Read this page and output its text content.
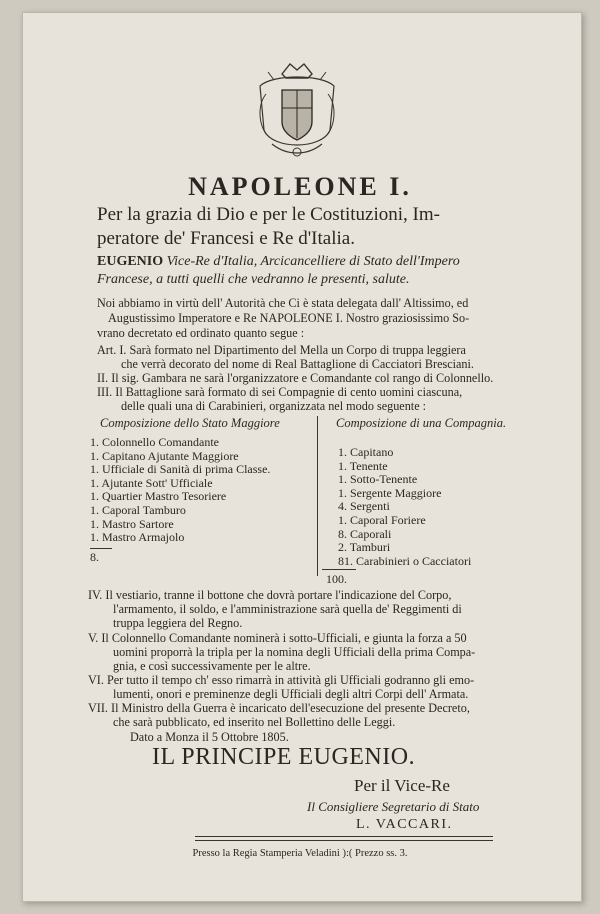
NAPOLEONE I.
Per la grazia di Dio e per le Costituzioni, Im-
peratore de' Francesi e Re d'Italia.
EUGENIO Vice-Re d'Italia, Arcicancelliere di Stato dell'Impero
Francese, a tutti quelli che vedranno le presenti, salute.
Noi abbiamo in virtù dell' Autorità che Ci è stata delegata dall' Altissimo, ed
Augustissimo Imperatore e Re NAPOLEONE I. Nostro graziosissimo So-
vrano decretato ed ordinato quanto segue :
Art. I. Sarà formato nel Dipartimento del Mella un Corpo di truppa leggiera
che verrà decorato del nome di Real Battaglione di Cacciatori Bresciani.
II. Il sig. Gambara ne sarà l'organizzatore e Comandante col rango di Colonnello.
III. Il Battaglione sarà formato di sei Compagnie di cento uomini ciascuna,
delle quali una di Carabinieri, organizzata nel modo seguente :
Composizione dello Stato Maggiore	Composizione di una Compagnia.
1. Colonnello Comandante
1. Capitano Ajutante Maggiore
1. Ufficiale di Sanità di prima Classe.
1. Ajutante Sott' Ufficiale
1. Quartier Mastro Tesoriere
1. Caporal Tamburo
1. Mastro Sartore
1. Mastro Armajolo
8.
1. Capitano
1. Tenente
1. Sotto-Tenente
1. Sergente Maggiore
4. Sergenti
1. Caporal Foriere
8. Caporali
2. Tamburi
81. Carabinieri o Cacciatori
100.
IV. Il vestiario, tranne il bottone che dovrà portare l'indicazione del Corpo,
l'armamento, il soldo, e l'amministrazione sarà quella de' Reggimenti di
truppa leggiera del Regno.
V. Il Colonnello Comandante nominerà i sotto-Ufficiali, e giunta la forza a 50
uomini proporrà la tripla per la nomina degli Ufficiali della prima Compa-
gnia, e così successivamente per le altre.
VI. Per tutto il tempo ch' esso rimarrà in attività gli Ufficiali godranno gli emo-
lumenti, onori e preminenze degli Ufficiali degli altri Corpi dell' Armata.
VII. Il Ministro della Guerra è incaricato dell'esecuzione del presente Decreto,
che sarà pubblicato, ed inserito nel Bollettino delle Leggi.
Dato a Monza il 5 Ottobre 1805.
IL PRINCIPE EUGENIO.
Per il Vice-Re
Il Consigliere Segretario di Stato
L. VACCARI.
Presso la Regia Stamperia Veladini ):( Prezzo ss. 3.
